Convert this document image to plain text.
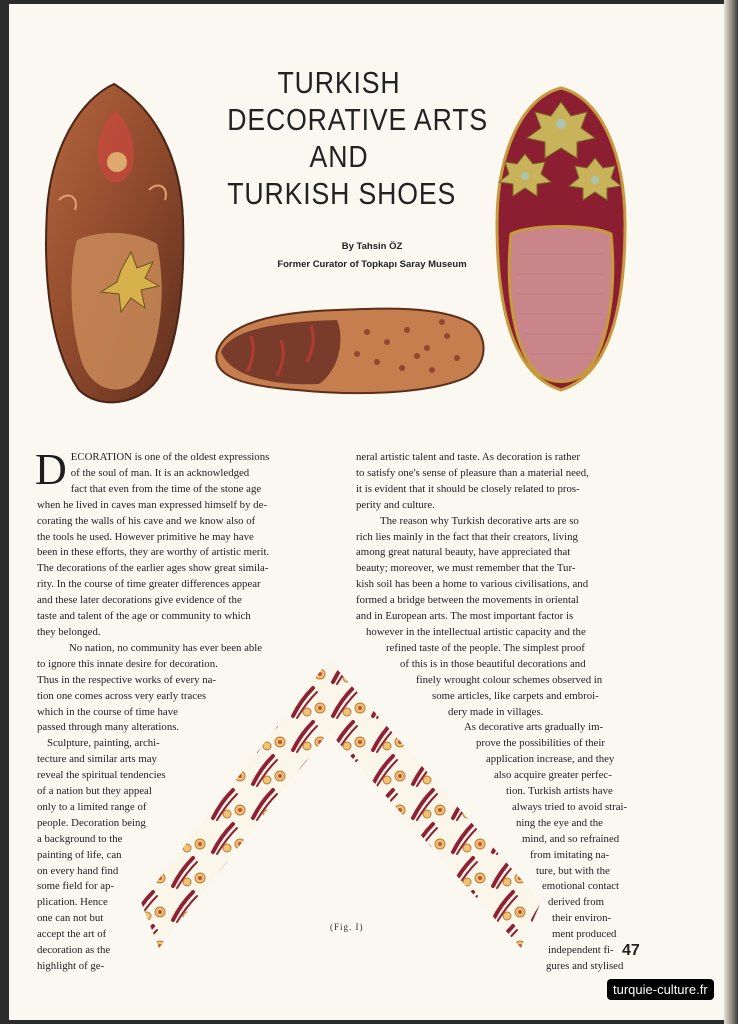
TURKISH
DECORATIVE ARTS
AND
TURKISH SHOES
By Tahsin ÖZ
Former Curator of Topkapı Saray Museum
D ECORATION is one of the oldest expressions
of the soul of man. It is an acknowledged
fact that even from the time of the stone age
when he lived in caves man expressed himself by de-
corating the walls of his cave and we know also of
the tools he used. However primitive he may have
been in these efforts, they are worthy of artistic merit.
The decorations of the earlier ages show great simila-
rity. In the course of time greater differences appear
and these later decorations give evidence of the
taste and talent of the age or community to which
they belonged.
No nation, no community has ever been able
to ignore this innate desire for decoration.
Thus in the respective works of every na-
tion one comes across very early traces
which in the course of time have
passed through many alterations.
Sculpture, painting, archi-
tecture and similar arts may
reveal the spiritual tendencies
of a nation but they appeal
only to a limited range of
people. Decoration being
a background to the
painting of life, can
on every hand find
some field for ap-
plication. Hence
one can not but
accept the art of
decoration as the
highlight of ge-
neral artistic talent and taste. As decoration is rather
to satisfy one's sense of pleasure than a material need,
it is evident that it should be closely related to pros-
perity and culture.
The reason why Turkish decorative arts are so
rich lies mainly in the fact that their creators, living
among great natural beauty, have appreciated that
beauty; moreover, we must remember that the Tur-
kish soil has been a home to various civilisations, and
formed a bridge between the movements in oriental
and in European arts. The most important factor is
however in the intellectual artistic capacity and the
refined taste of the people. The simplest proof
of this is in those beautiful decorations and
finely wrought colour schemes observed in
some articles, like carpets and embroi-
dery made in villages.
As decorative arts gradually im-
prove the possibilities of their
application increase, and they
also acquire greater perfec-
tion. Turkish artists have
always tried to avoid strai-
ning the eye and the
mind, and so refrained
from imitating na-
ture, but with the
emotional contact
derived from
their environ-
ment produced
independent fi-
gures and stylised
(Fig. I)
47
turquie-culture.fr
